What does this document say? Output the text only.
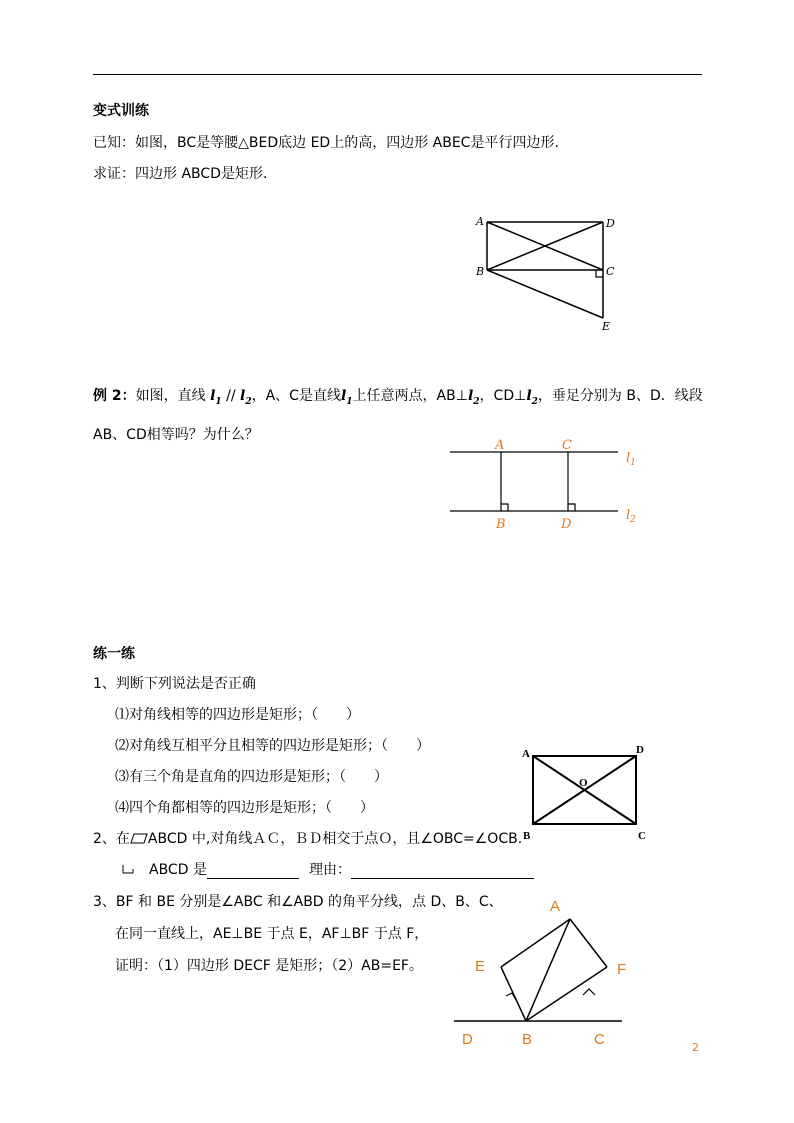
变式训练
已知：如图，BC是等腰△BED底边 ED上的高，四边形 ABEC是平行四边形．
求证：四边形 ABCD是矩形．
A	D
B	C
E
例 2：如图，直线 $l_1 // l_2$，A、C是直线$l_1$上任意两点，$AB\perp l_2$，$CD\perp l_2$，垂足分别为 B、D．线段
AB、CD相等吗？为什么？
A	C
B	D
$l_1$
$l_2$
练一练
1、判断下列说法是否正确
⑴对角线相等的四边形是矩形；（　　）
⑵对角线互相平分且相等的四边形是矩形；（　　）
⑶有三个角是直角的四边形是矩形；（　　）
⑷四个角都相等的四边形是矩形；（　　）
2、在 ABCD 中,对角线ＡＣ，ＢＤ相交于点Ｏ，且∠OBC=∠OCB.
ABCD 是	理由：
A	D
O
B	C
3、BF 和 BE 分别是∠ABC 和∠ABD 的角平分线，点 D、B、C、
在同一直线上，AE⊥BE 于点 E，AF⊥BF 于点 F，
证明：（1）四边形 DECF 是矩形；（2）AB=EF。
A
E	F
D	B	C	2
